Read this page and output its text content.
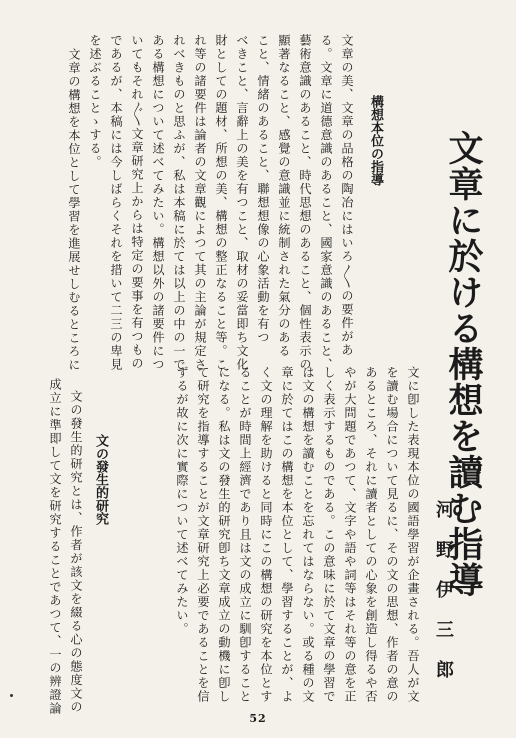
文章に於ける構想を讀む指導
河野伊三郎
構想本位の指導
文章の美、文章の品格の陶冶にはいろ〳〵の要件があ
る。文章に道德意識のあること、國家意識のあること、
藝術意識のあること、時代思想のあること、個性表示の
顯著なること、感覺の意識並に統制された氣分のある
こと、情緒のあること、聯想想像の心象活動を有つ
べきこと、言辭上の美を有つこと、取材の妥當即ち文化
財としての題材、所想の美、構想の整正なること等。こ
れ等の諸要件は論者の文章觀によつて其の主論が規定さ
れべきものと思ふが、私は本稿に於ては以上の中の一で
ある構想について述べてみたい。構想以外の諸要件につ
いてもそれ〴〵文章研究上からは特定の要事を有つもの
であるが、本稿には今しばらくそれを措いて二三の卑見
を述ぶることゝする。
文章の構想を本位として學習を進展せしむるところに
文に卽した表現本位の國語學習が企畫される。吾人が文
を讀む場合について見るに、その文の思想、作者の意の
あるところ、それに讀者としての心象を創造し得るや否
やが大問題であつて、文字や語や詞等はそれ等の意を正
しく表示するものである。この意味に於て文章の學習で
は文の構想を讀むことを忘れてはならない。或る種の文
章に於てはこの構想を本位として、學習することが、よ
く文の理解を助けると同時にこの構想の研究を本位とす
ることが時間上經濟であり且は文の成立に馴卽すること
になる。私は文の發生的研究卽ち文章成立の動機に卽し
て研究を指導することが文章研究上必要であることを信
ずるが故に次に實際について述べてみたい。
文の發生的研究
文の發生的研究とは、作者が該文を綴る心の態度文の
成立に準即して文を研究することであつて、一の辨證論
52
